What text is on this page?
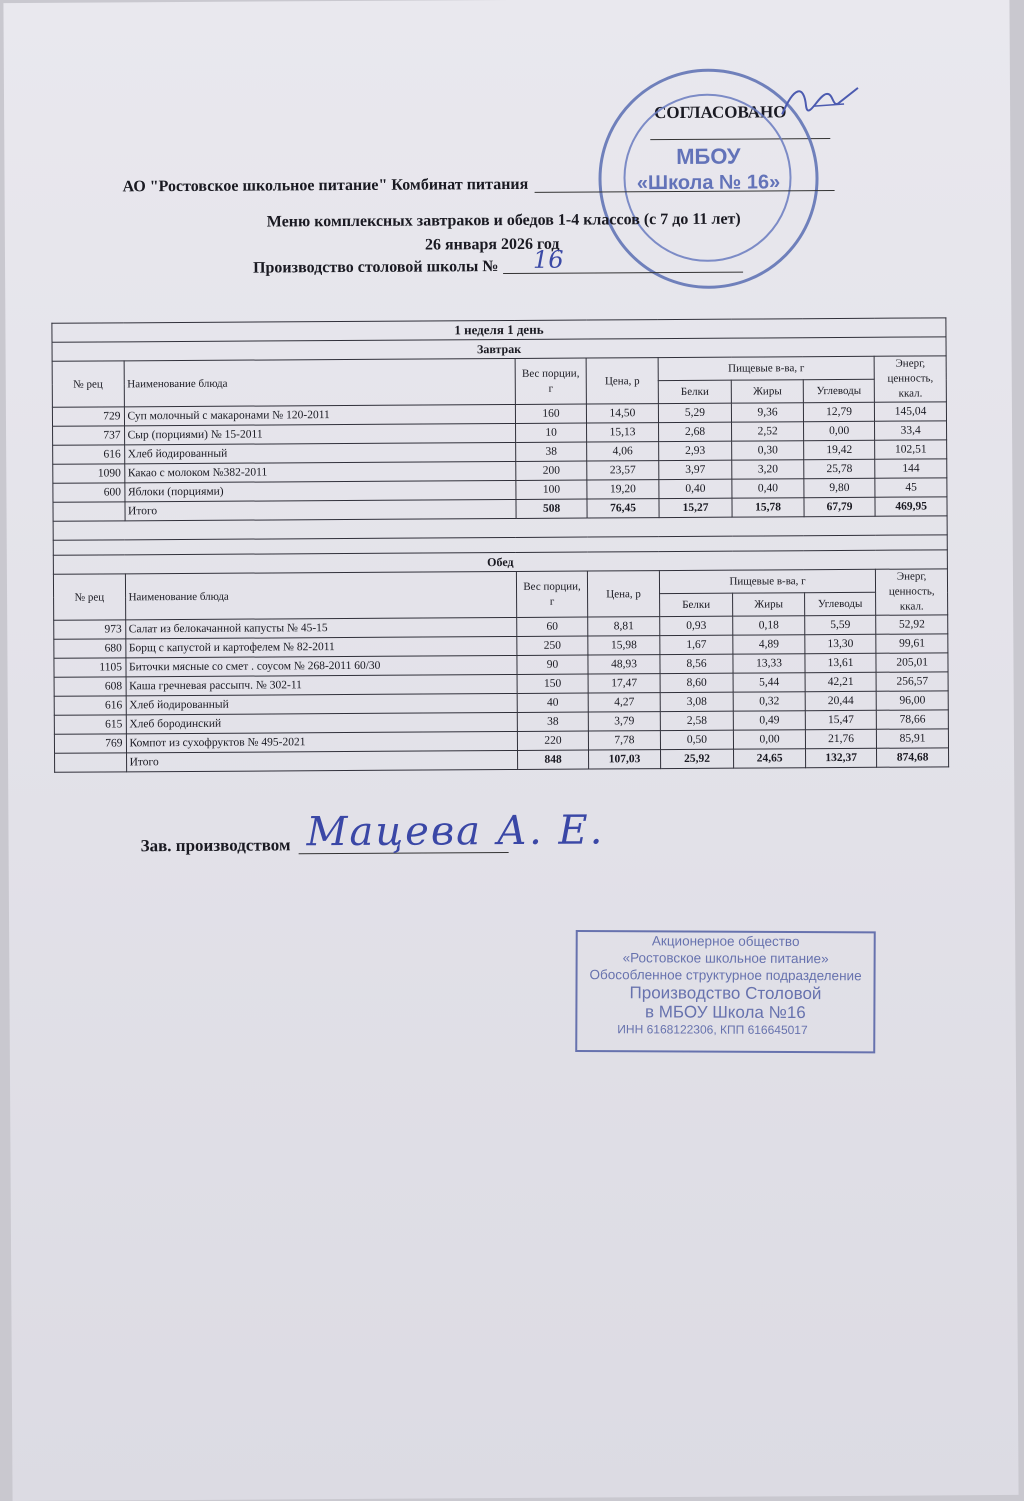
СОГЛАСОВАНО
МБОУ
«Школа № 16»
АО "Ростовское школьное питание" Комбинат питания
Меню комплексных завтраков и обедов 1-4 классов (с 7 до 11 лет)
26 января 2026 год
Производство столовой школы № 16
1 неделя 1 день							
Завтрак							
№ рец	Наименование блюда	Вес порции, г	Цена, р	Пищевые в-ва, г			Энерг, ценность, ккал.
				Белки	Жиры	Углеводы	
729	Суп молочный с макаронами № 120-2011	160	14,50	5,29	9,36	12,79	145,04
737	Сыр (порциями) № 15-2011	10	15,13	2,68	2,52	0,00	33,4
616	Хлеб йодированный	38	4,06	2,93	0,30	19,42	102,51
1090	Какао с молоком №382-2011	200	23,57	3,97	3,20	25,78	144
600	Яблоки (порциями)	100	19,20	0,40	0,40	9,80	45
	Итого	508	76,45	15,27	15,78	67,79	469,95

Обед							
№ рец	Наименование блюда	Вес порции, г	Цена, р	Пищевые в-ва, г			Энерг, ценность, ккал.
				Белки	Жиры	Углеводы	
973	Салат из белокачанной капусты № 45-15	60	8,81	0,93	0,18	5,59	52,92
680	Борщ с капустой и картофелем № 82-2011	250	15,98	1,67	4,89	13,30	99,61
1105	Биточки мясные со смет . соусом № 268-2011 60/30	90	48,93	8,56	13,33	13,61	205,01
608	Каша гречневая рассыпч. № 302-11	150	17,47	8,60	5,44	42,21	256,57
616	Хлеб йодированный	40	4,27	3,08	0,32	20,44	96,00
615	Хлеб бородинский	38	3,79	2,58	0,49	15,47	78,66
769	Компот из сухофруктов № 495-2021	220	7,78	0,50	0,00	21,76	85,91
	Итого	848	107,03	25,92	24,65	132,37	874,68
Зав. производством Мацева А. Е.
Акционерное общество
«Ростовское школьное питание»
Обособленное структурное подразделение
Производство Столовой
в МБОУ Школа №16
ИНН 6168122306, КПП 616645017
